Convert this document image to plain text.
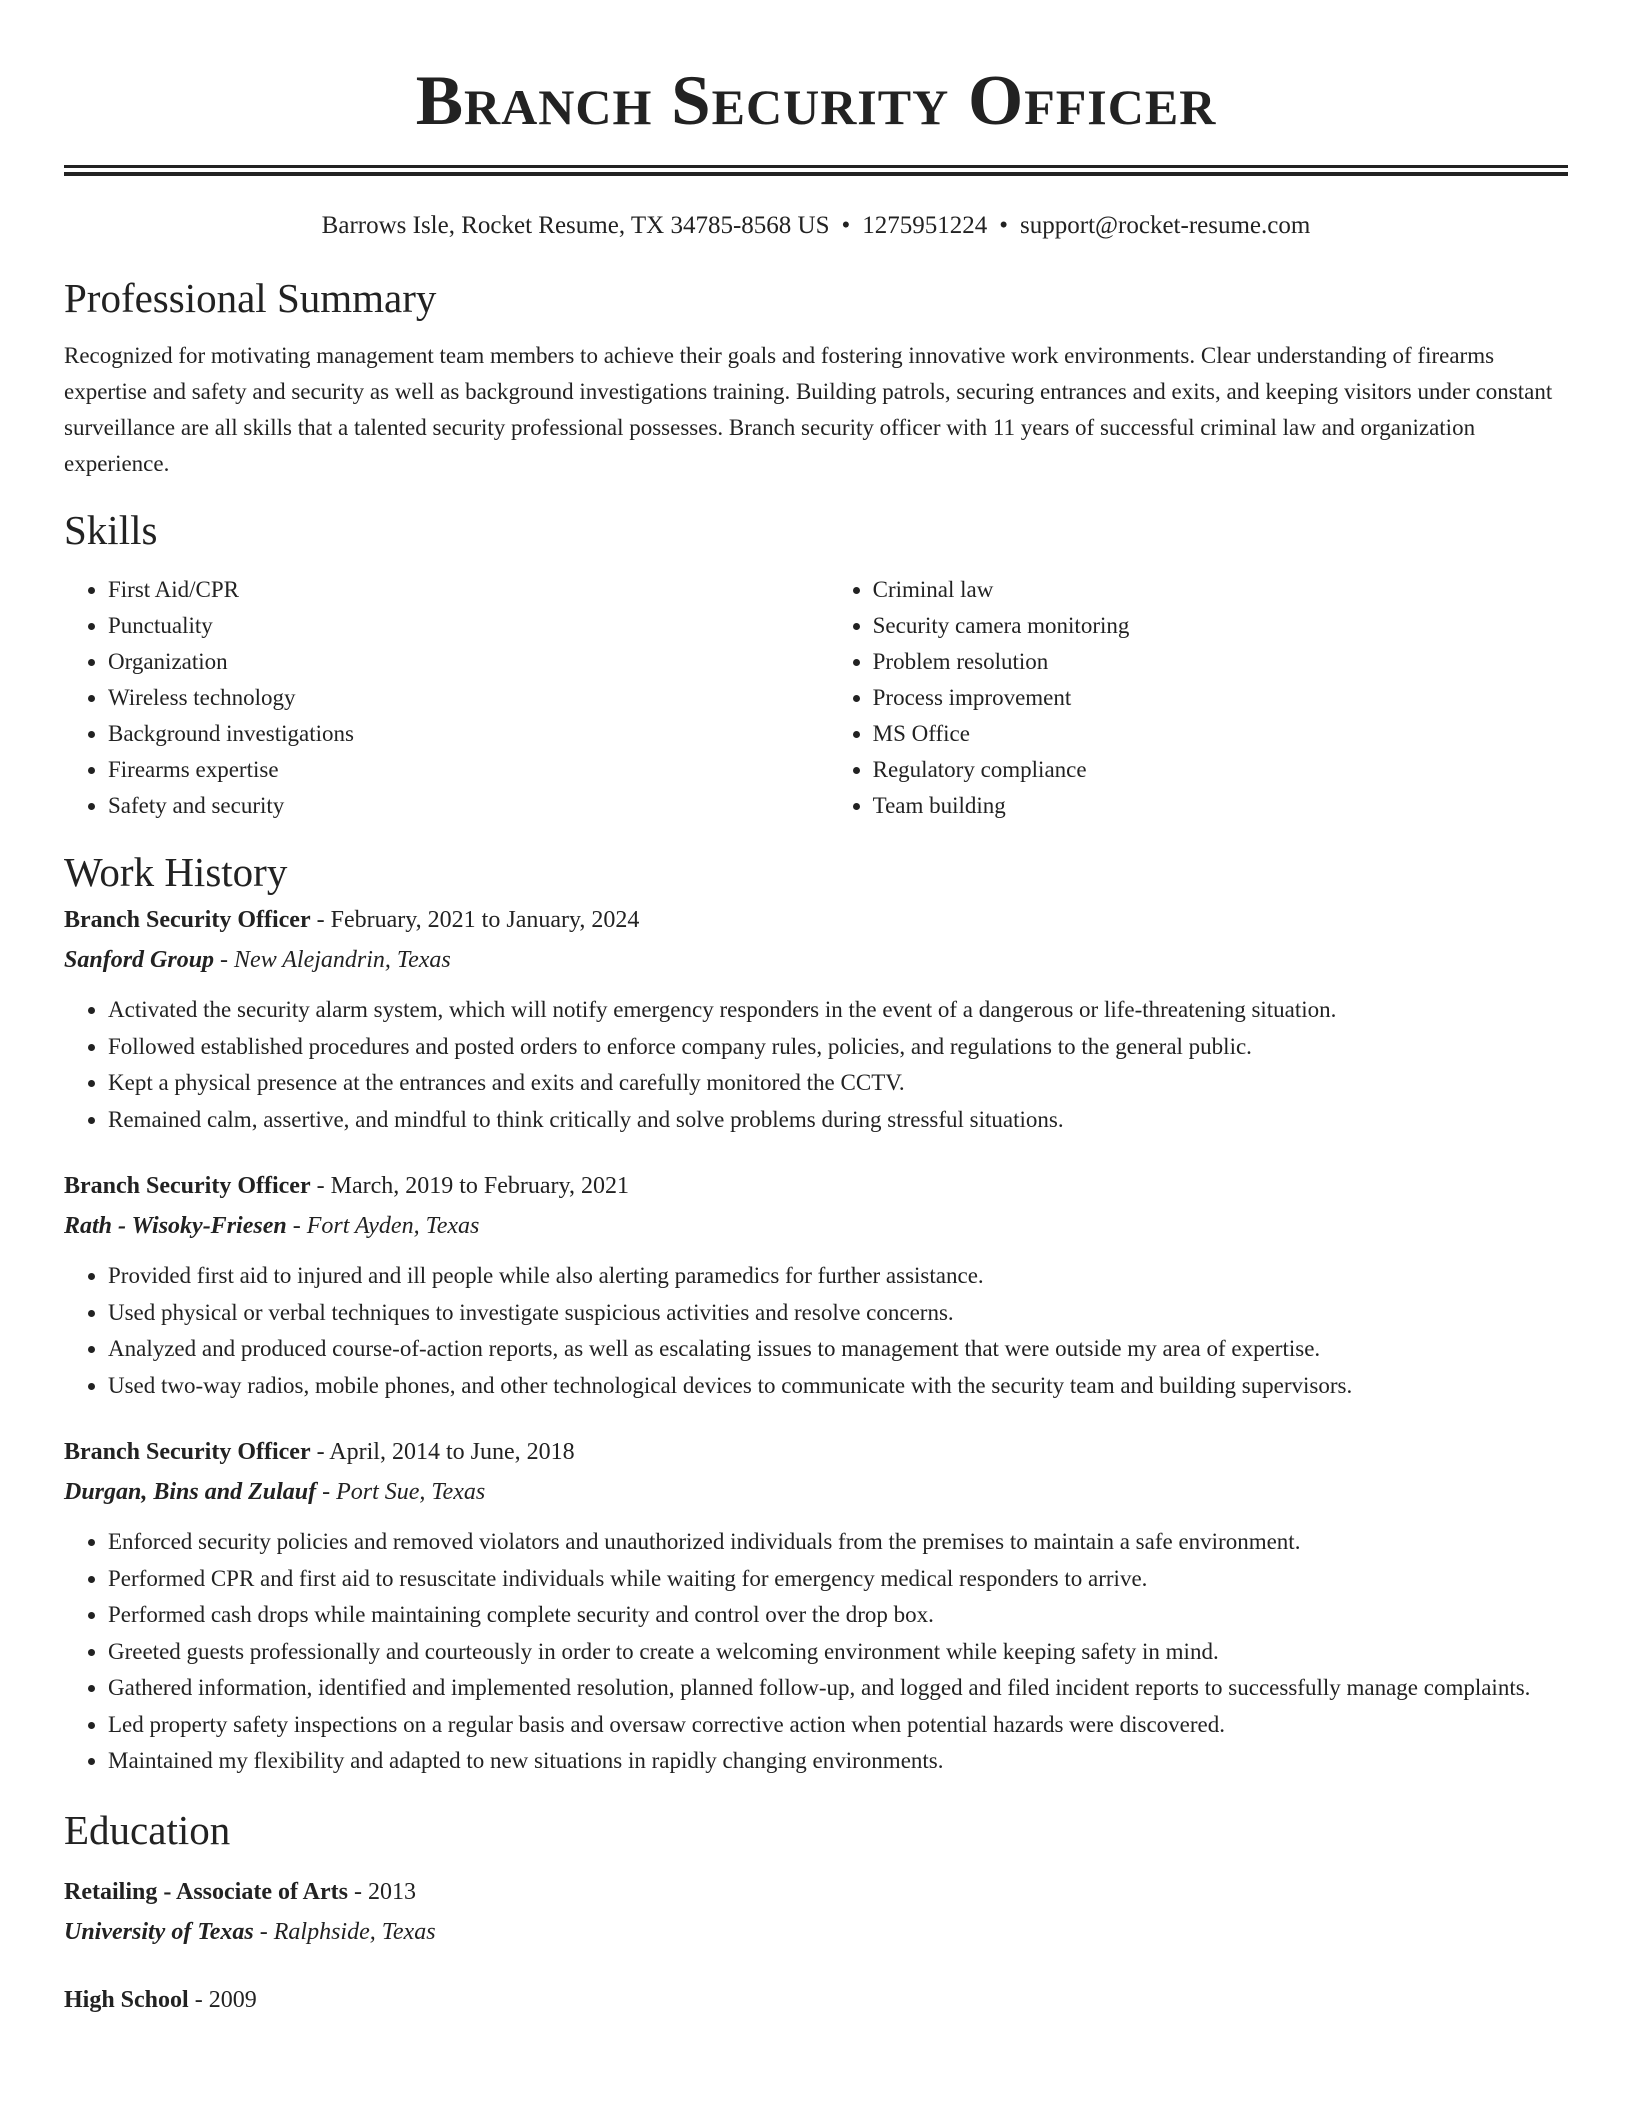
Branch Security Officer
Barrows Isle, Rocket Resume, TX 34785-8568 US • 1275951224 • support@rocket-resume.com
Professional Summary
Recognized for motivating management team members to achieve their goals and fostering innovative work environments. Clear understanding of firearms expertise and safety and security as well as background investigations training. Building patrols, securing entrances and exits, and keeping visitors under constant surveillance are all skills that a talented security professional possesses. Branch security officer with 11 years of successful criminal law and organization experience.
Skills
• First Aid/CPR
• Punctuality
• Organization
• Wireless technology
• Background investigations
• Firearms expertise
• Safety and security
• Criminal law
• Security camera monitoring
• Problem resolution
• Process improvement
• MS Office
• Regulatory compliance
• Team building
Work History
Branch Security Officer - February, 2021 to January, 2024
Sanford Group - New Alejandrin, Texas
• Activated the security alarm system, which will notify emergency responders in the event of a dangerous or life-threatening situation.
• Followed established procedures and posted orders to enforce company rules, policies, and regulations to the general public.
• Kept a physical presence at the entrances and exits and carefully monitored the CCTV.
• Remained calm, assertive, and mindful to think critically and solve problems during stressful situations.
Branch Security Officer - March, 2019 to February, 2021
Rath - Wisoky-Friesen - Fort Ayden, Texas
• Provided first aid to injured and ill people while also alerting paramedics for further assistance.
• Used physical or verbal techniques to investigate suspicious activities and resolve concerns.
• Analyzed and produced course-of-action reports, as well as escalating issues to management that were outside my area of expertise.
• Used two-way radios, mobile phones, and other technological devices to communicate with the security team and building supervisors.
Branch Security Officer - April, 2014 to June, 2018
Durgan, Bins and Zulauf - Port Sue, Texas
• Enforced security policies and removed violators and unauthorized individuals from the premises to maintain a safe environment.
• Performed CPR and first aid to resuscitate individuals while waiting for emergency medical responders to arrive.
• Performed cash drops while maintaining complete security and control over the drop box.
• Greeted guests professionally and courteously in order to create a welcoming environment while keeping safety in mind.
• Gathered information, identified and implemented resolution, planned follow-up, and logged and filed incident reports to successfully manage complaints.
• Led property safety inspections on a regular basis and oversaw corrective action when potential hazards were discovered.
• Maintained my flexibility and adapted to new situations in rapidly changing environments.
Education
Retailing - Associate of Arts - 2013
University of Texas - Ralphside, Texas
High School - 2009
